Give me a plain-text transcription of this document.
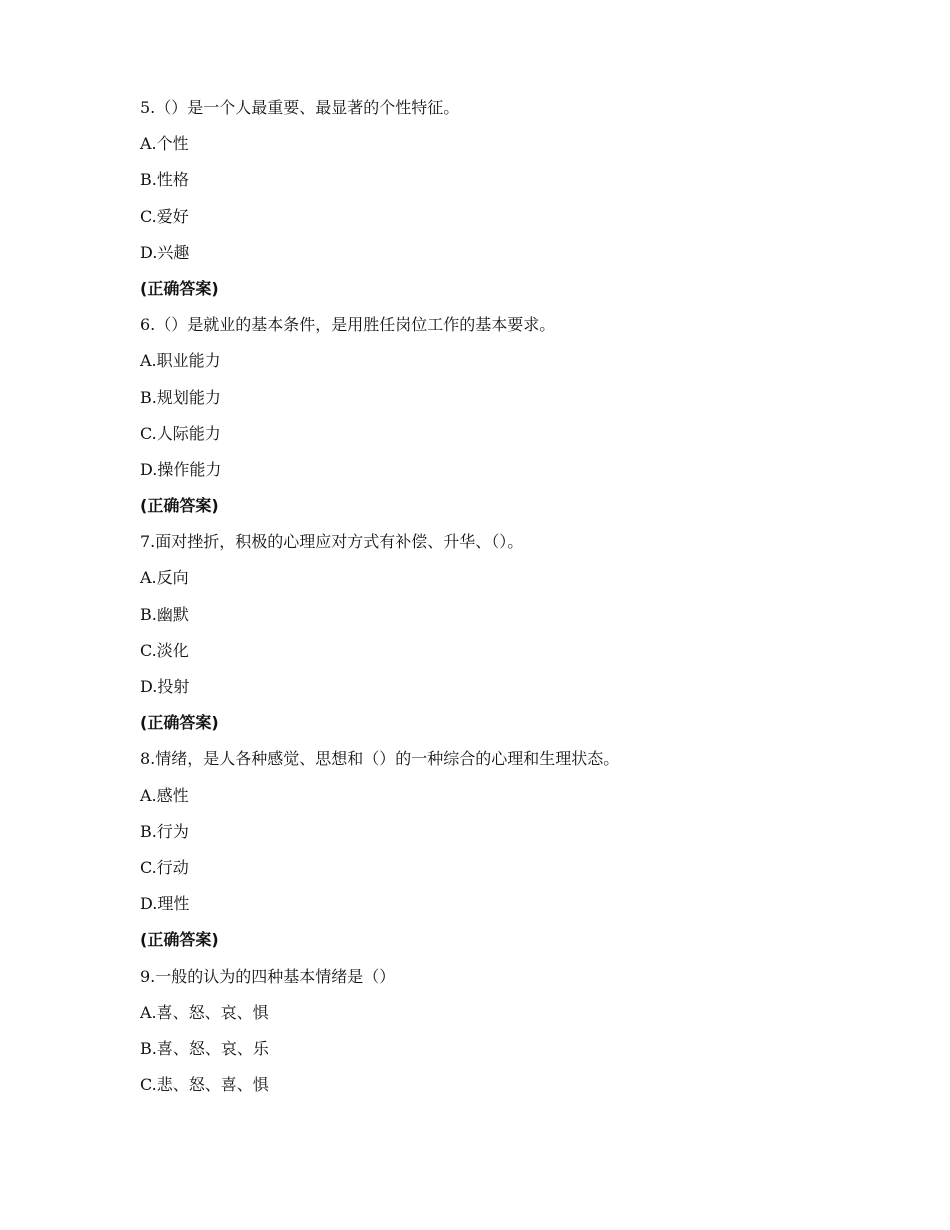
5.（）是一个人最重要、最显著的个性特征。
A.个性
B.性格
C.爱好
D.兴趣
(正确答案)
6.（）是就业的基本条件，是用胜任岗位工作的基本要求。
A.职业能力
B.规划能力
C.人际能力
D.操作能力
(正确答案)
7.面对挫折，积极的心理应对方式有补偿、升华、（）。
A.反向
B.幽默
C.淡化
D.投射
(正确答案)
8.情绪，是人各种感觉、思想和（）的一种综合的心理和生理状态。
A.感性
B.行为
C.行动
D.理性
(正确答案)
9.一般的认为的四种基本情绪是（）
A.喜、怒、哀、惧
B.喜、怒、哀、乐
C.悲、怒、喜、惧
